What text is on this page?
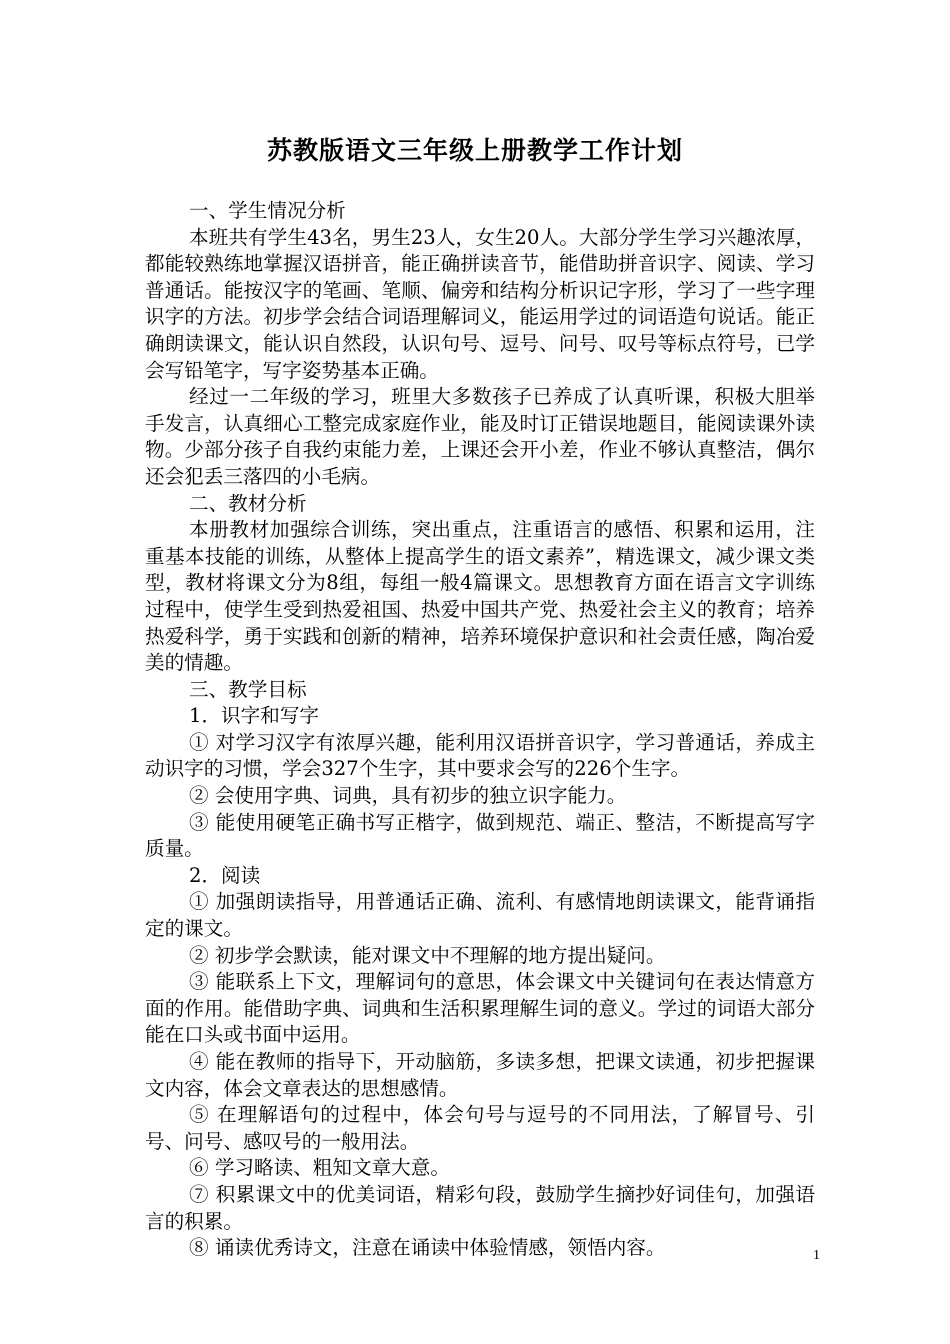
苏教版语文三年级上册教学工作计划

一、学生情况分析

本班共有学生43名，男生23人，女生20人。大部分学生学习兴趣浓厚，都能较熟练地掌握汉语拼音，能正确拼读音节，能借助拼音识字、阅读、学习普通话。能按汉字的笔画、笔顺、偏旁和结构分析识记字形，学习了一些字理识字的方法。初步学会结合词语理解词义，能运用学过的词语造句说话。能正确朗读课文，能认识自然段，认识句号、逗号、问号、叹号等标点符号，已学会写铅笔字，写字姿势基本正确。

经过一二年级的学习，班里大多数孩子已养成了认真听课，积极大胆举手发言，认真细心工整完成家庭作业，能及时订正错误地题目，能阅读课外读物。少部分孩子自我约束能力差，上课还会开小差，作业不够认真整洁，偶尔还会犯丢三落四的小毛病。

二、教材分析

本册教材加强综合训练，突出重点，注重语言的感悟、积累和运用，注重基本技能的训练，从整体上提高学生的语文素养”，精选课文，减少课文类型，教材将课文分为8组，每组一般4篇课文。思想教育方面在语言文字训练过程中，使学生受到热爱祖国、热爱中国共产党、热爱社会主义的教育；培养热爱科学，勇于实践和创新的精神，培养环境保护意识和社会责任感，陶冶爱美的情趣。

三、教学目标

1．识字和写字

① 对学习汉字有浓厚兴趣，能利用汉语拼音识字，学习普通话，养成主动识字的习惯，学会327个生字，其中要求会写的226个生字。

② 会使用字典、词典，具有初步的独立识字能力。

③ 能使用硬笔正确书写正楷字，做到规范、端正、整洁，不断提高写字质量。

2．阅读

① 加强朗读指导，用普通话正确、流利、有感情地朗读课文，能背诵指定的课文。

② 初步学会默读，能对课文中不理解的地方提出疑问。

③ 能联系上下文，理解词句的意思，体会课文中关键词句在表达情意方面的作用。能借助字典、词典和生活积累理解生词的意义。学过的词语大部分能在口头或书面中运用。

④ 能在教师的指导下，开动脑筋，多读多想，把课文读通，初步把握课文内容，体会文章表达的思想感情。

⑤ 在理解语句的过程中，体会句号与逗号的不同用法，了解冒号、引号、问号、感叹号的一般用法。

⑥ 学习略读、粗知文章大意。

⑦ 积累课文中的优美词语，精彩句段，鼓励学生摘抄好词佳句，加强语言的积累。

⑧ 诵读优秀诗文，注意在诵读中体验情感，领悟内容。	1
